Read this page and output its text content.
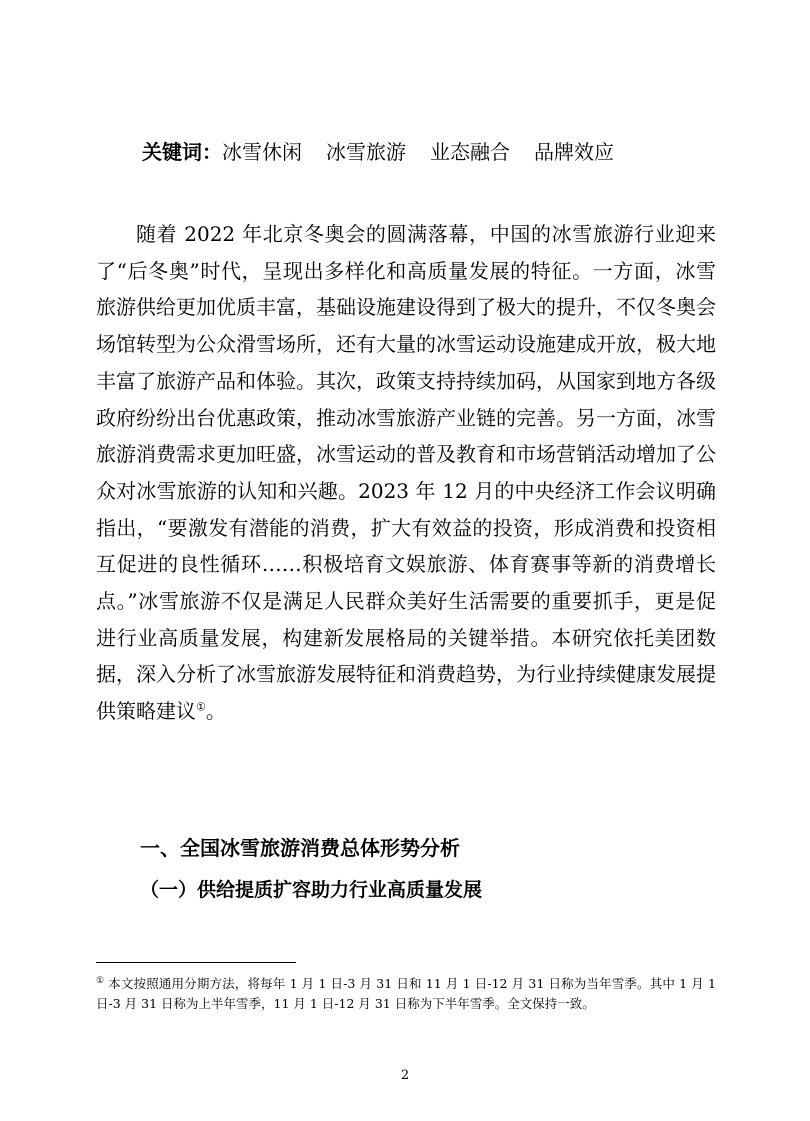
关键词：冰雪休闲 冰雪旅游 业态融合 品牌效应

随着 2022 年北京冬奥会的圆满落幕，中国的冰雪旅游行业迎来了“后冬奥”时代，呈现出多样化和高质量发展的特征。一方面，冰雪旅游供给更加优质丰富，基础设施建设得到了极大的提升，不仅冬奥会场馆转型为公众滑雪场所，还有大量的冰雪运动设施建成开放，极大地丰富了旅游产品和体验。其次，政策支持持续加码，从国家到地方各级政府纷纷出台优惠政策，推动冰雪旅游产业链的完善。另一方面，冰雪旅游消费需求更加旺盛，冰雪运动的普及教育和市场营销活动增加了公众对冰雪旅游的认知和兴趣。2023 年 12 月的中央经济工作会议明确指出，“要激发有潜能的消费，扩大有效益的投资，形成消费和投资相互促进的良性循环……积极培育文娱旅游、体育赛事等新的消费增长点。”冰雪旅游不仅是满足人民群众美好生活需要的重要抓手，更是促进行业高质量发展，构建新发展格局的关键举措。本研究依托美团数据，深入分析了冰雪旅游发展特征和消费趋势，为行业持续健康发展提供策略建议①。

一、全国冰雪旅游消费总体形势分析
（一）供给提质扩容助力行业高质量发展

① 本文按照通用分期方法，将每年 1 月 1 日-3 月 31 日和 11 月 1 日-12 月 31 日称为当年雪季。其中 1 月 1 日-3 月 31 日称为上半年雪季，11 月 1 日-12 月 31 日称为下半年雪季。全文保持一致。

2
